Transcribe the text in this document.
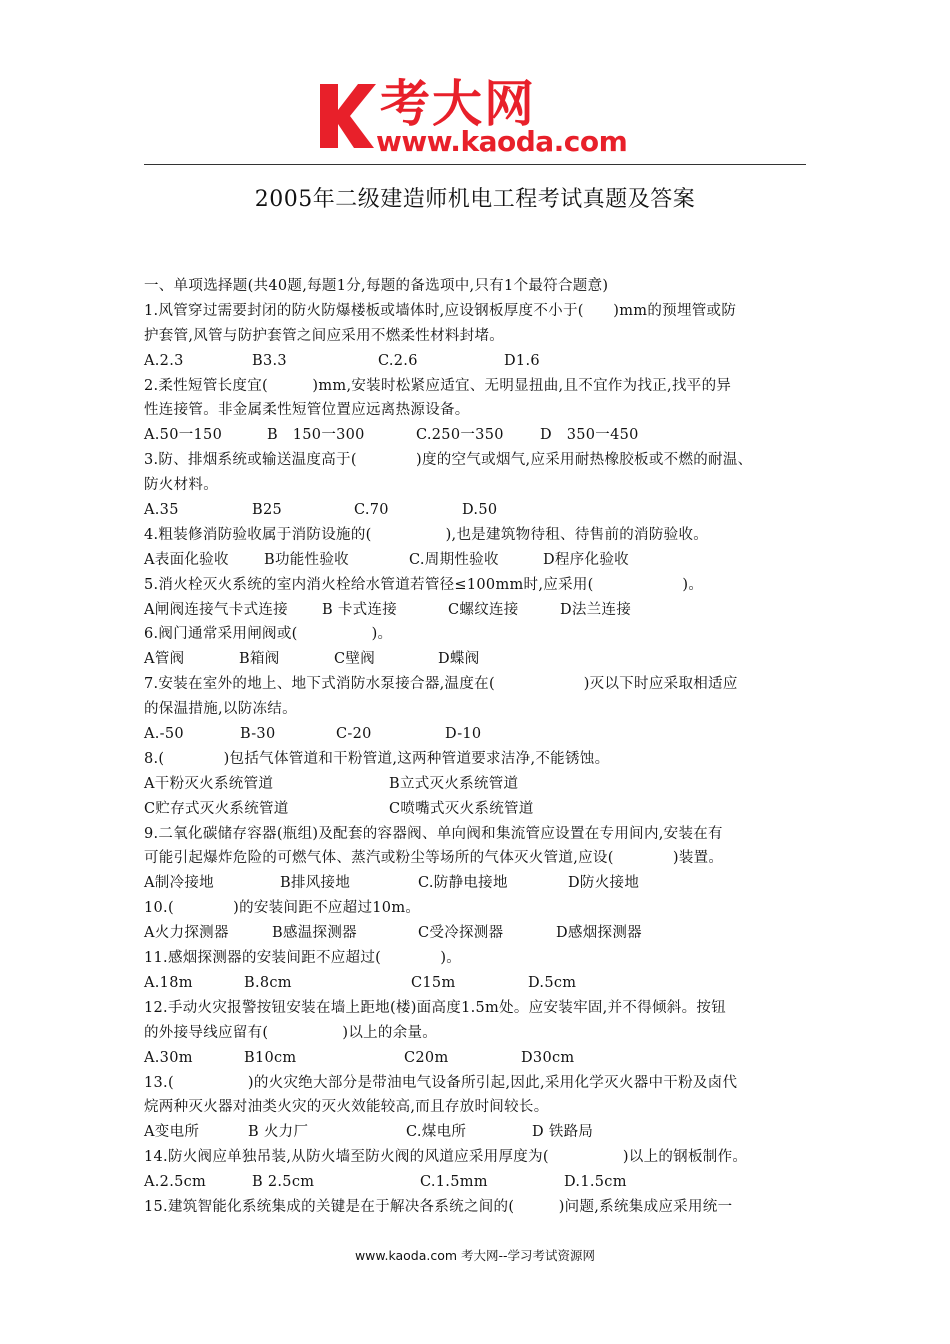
考大网
www.kaoda.com
2005年二级建造师机电工程考试真题及答案
一、单项选择题(共40题,每题1分,每题的备选项中,只有1个最符合题意)
1.风管穿过需要封闭的防火防爆楼板或墙体时,应设钢板厚度不小于(　　)mm的预埋管或防
护套管,风管与防护套管之间应采用不燃柔性材料封堵。
A.2.3	B3.3	C.2.6	D1.6
2.柔性短管长度宜(　　　)mm,安装时松紧应适宜、无明显扭曲,且不宜作为找正,找平的异
性连接管。非金属柔性短管位置应远离热源设备。
A.50一150	B　150一300	C.250一350	D　350一450
3.防、排烟系统或输送温度高于(　　　　)度的空气或烟气,应采用耐热橡胶板或不燃的耐温、
防火材料。
A.35	B25	C.70	D.50
4.粗装修消防验收属于消防设施的(　　　　　),也是建筑物待租、待售前的消防验收。
A表面化验收	B功能性验收	C.周期性验收	D程序化验收
5.消火栓灭火系统的室内消火栓给水管道若管径≤100mm时,应采用(　　　　　　)。
A闸阀连接气卡式连接	B 卡式连接	C螺纹连接	D法兰连接
6.阀门通常采用闸阀或(　　　　　)。
A管阀	B箱阀	C壁阀	D蝶阀
7.安装在室外的地上、地下式消防水泵接合器,温度在(　　　　　　)灭以下时应采取相适应
的保温措施,以防冻结。
A.-50	B-30	C-20	D-10
8.(　　　　)包括气体管道和干粉管道,这两种管道要求洁净,不能锈蚀。
A干粉灭火系统管道	B立式灭火系统管道
C贮存式灭火系统管道	C喷嘴式灭火系统管道
9.二氧化碳储存容器(瓶组)及配套的容器阀、单向阀和集流管应设置在专用间内,安装在有
可能引起爆炸危险的可燃气体、蒸汽或粉尘等场所的气体灭火管道,应设(　　　　)装置。
A制冷接地	B排风接地	C.防静电接地	D防火接地
10.(　　　　)的安装间距不应超过10m。
A火力探测器	B感温探测器	C受冷探测器	D感烟探测器
11.感烟探测器的安装间距不应超过(　　　　)。
A.18m	B.8cm	C15m	D.5cm
12.手动火灾报警按钮安装在墙上距地(楼)面高度1.5m处。应安装牢固,并不得倾斜。按钮
的外接导线应留有(　　　　　)以上的余量。
A.30m	B10cm	C20m	D30cm
13.(　　　　　)的火灾绝大部分是带油电气设备所引起,因此,采用化学灭火器中干粉及卤代
烷两种灭火器对油类火灾的灭火效能较高,而且存放时间较长。
A变电所	B 火力厂	C.煤电所	D 铁路局
14.防火阀应单独吊装,从防火墙至防火阀的风道应采用厚度为(　　　　　)以上的钢板制作。
A.2.5cm	B 2.5cm	C.1.5mm	D.1.5cm
15.建筑智能化系统集成的关键是在于解决各系统之间的(　　　)问题,系统集成应采用统一
www.kaoda.com 考大网--学习考试资源网
